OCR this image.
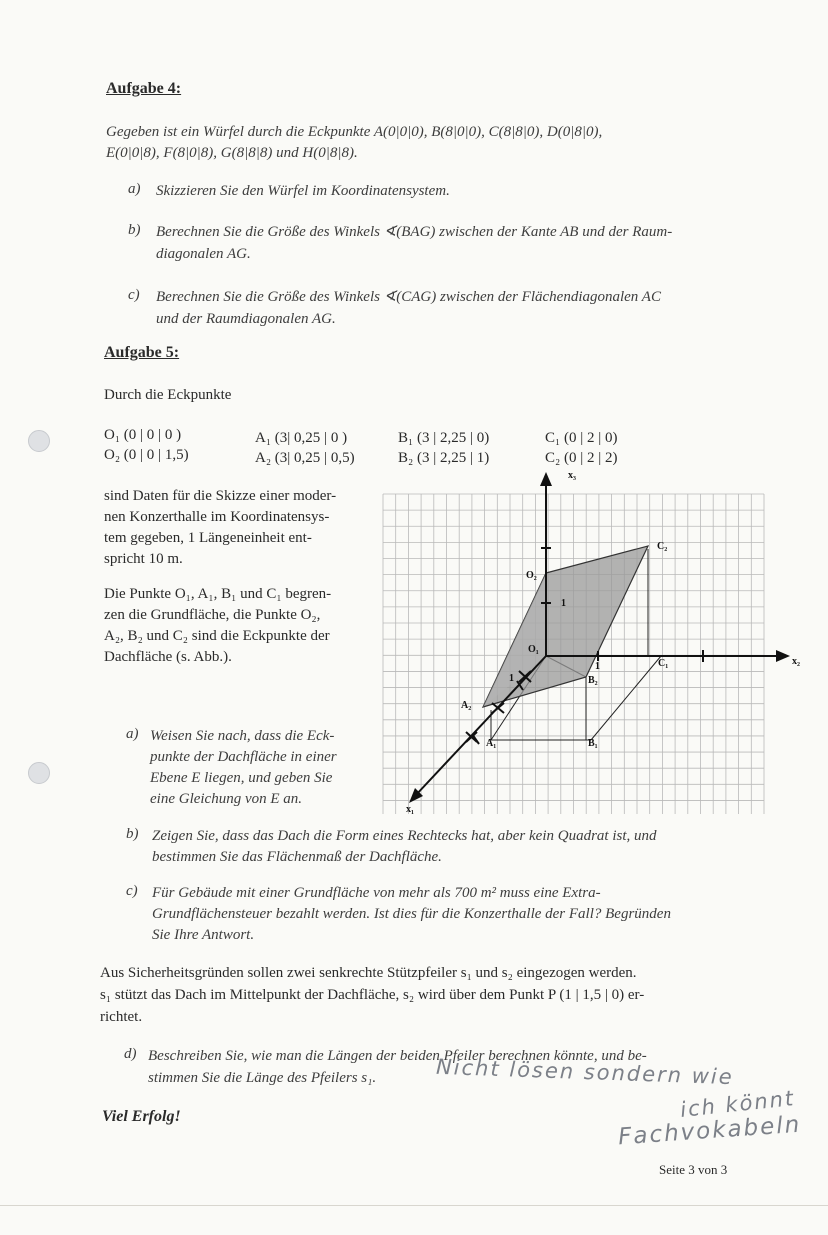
Aufgabe 4:
Gegeben ist ein Würfel durch die Eckpunkte A(0|0|0), B(8|0|0), C(8|8|0), D(0|8|0),
E(0|0|8), F(8|0|8), G(8|8|8) und H(0|8|8).
a) Skizzieren Sie den Würfel im Koordinatensystem.
b) Berechnen Sie die Größe des Winkels ∢(BAG) zwischen der Kante AB und der Raum-
diagonalen AG.
c) Berechnen Sie die Größe des Winkels ∢(CAG) zwischen der Flächendiagonalen AC
und der Raumdiagonalen AG.
Aufgabe 5:
Durch die Eckpunkte
O₁ (0 | 0 | 0 )
O₂ (0 | 0 | 1,5)
A₁ (3| 0,25 | 0 )
A₂ (3| 0,25 | 0,5)
B₁ (3 | 2,25 | 0)
B₂ (3 | 2,25 | 1)
C₁ (0 | 2 | 0)
C₂ (0 | 2 | 2)
sind Daten für die Skizze einer moder-
nen Konzerthalle im Koordinatensys-
tem gegeben, 1 Längeneinheit ent-
spricht 10 m.
Die Punkte O₁, A₁, B₁ und C₁ begren-
zen die Grundfläche, die Punkte O₂,
A₂, B₂ und C₂ sind die Eckpunkte der
Dachfläche (s. Abb.).
a) Weisen Sie nach, dass die Eck-
punkte der Dachfläche in einer
Ebene E liegen, und geben Sie
eine Gleichung von E an.
x₃
x₂
x₁
O₂
O₁
A₂
A₁
B₂
B₁
C₁
C₂
1
1
1
b) Zeigen Sie, dass das Dach die Form eines Rechtecks hat, aber kein Quadrat ist, und
bestimmen Sie das Flächenmaß der Dachfläche.
c) Für Gebäude mit einer Grundfläche von mehr als 700 m² muss eine Extra-
Grundflächensteuer bezahlt werden. Ist dies für die Konzerthalle der Fall? Begründen
Sie Ihre Antwort.
Aus Sicherheitsgründen sollen zwei senkrechte Stützpfeiler s₁ und s₂ eingezogen werden.
s₁ stützt das Dach im Mittelpunkt der Dachfläche, s₂ wird über dem Punkt P (1 | 1,5 | 0) er-
richtet.
d) Beschreiben Sie, wie man die Längen der beiden Pfeiler berechnen könnte, und be-
stimmen Sie die Länge des Pfeilers s₁.	Nicht lösen sondern wie
ich könnt
Fachvokabeln
Viel Erfolg!
Seite 3 von 3
